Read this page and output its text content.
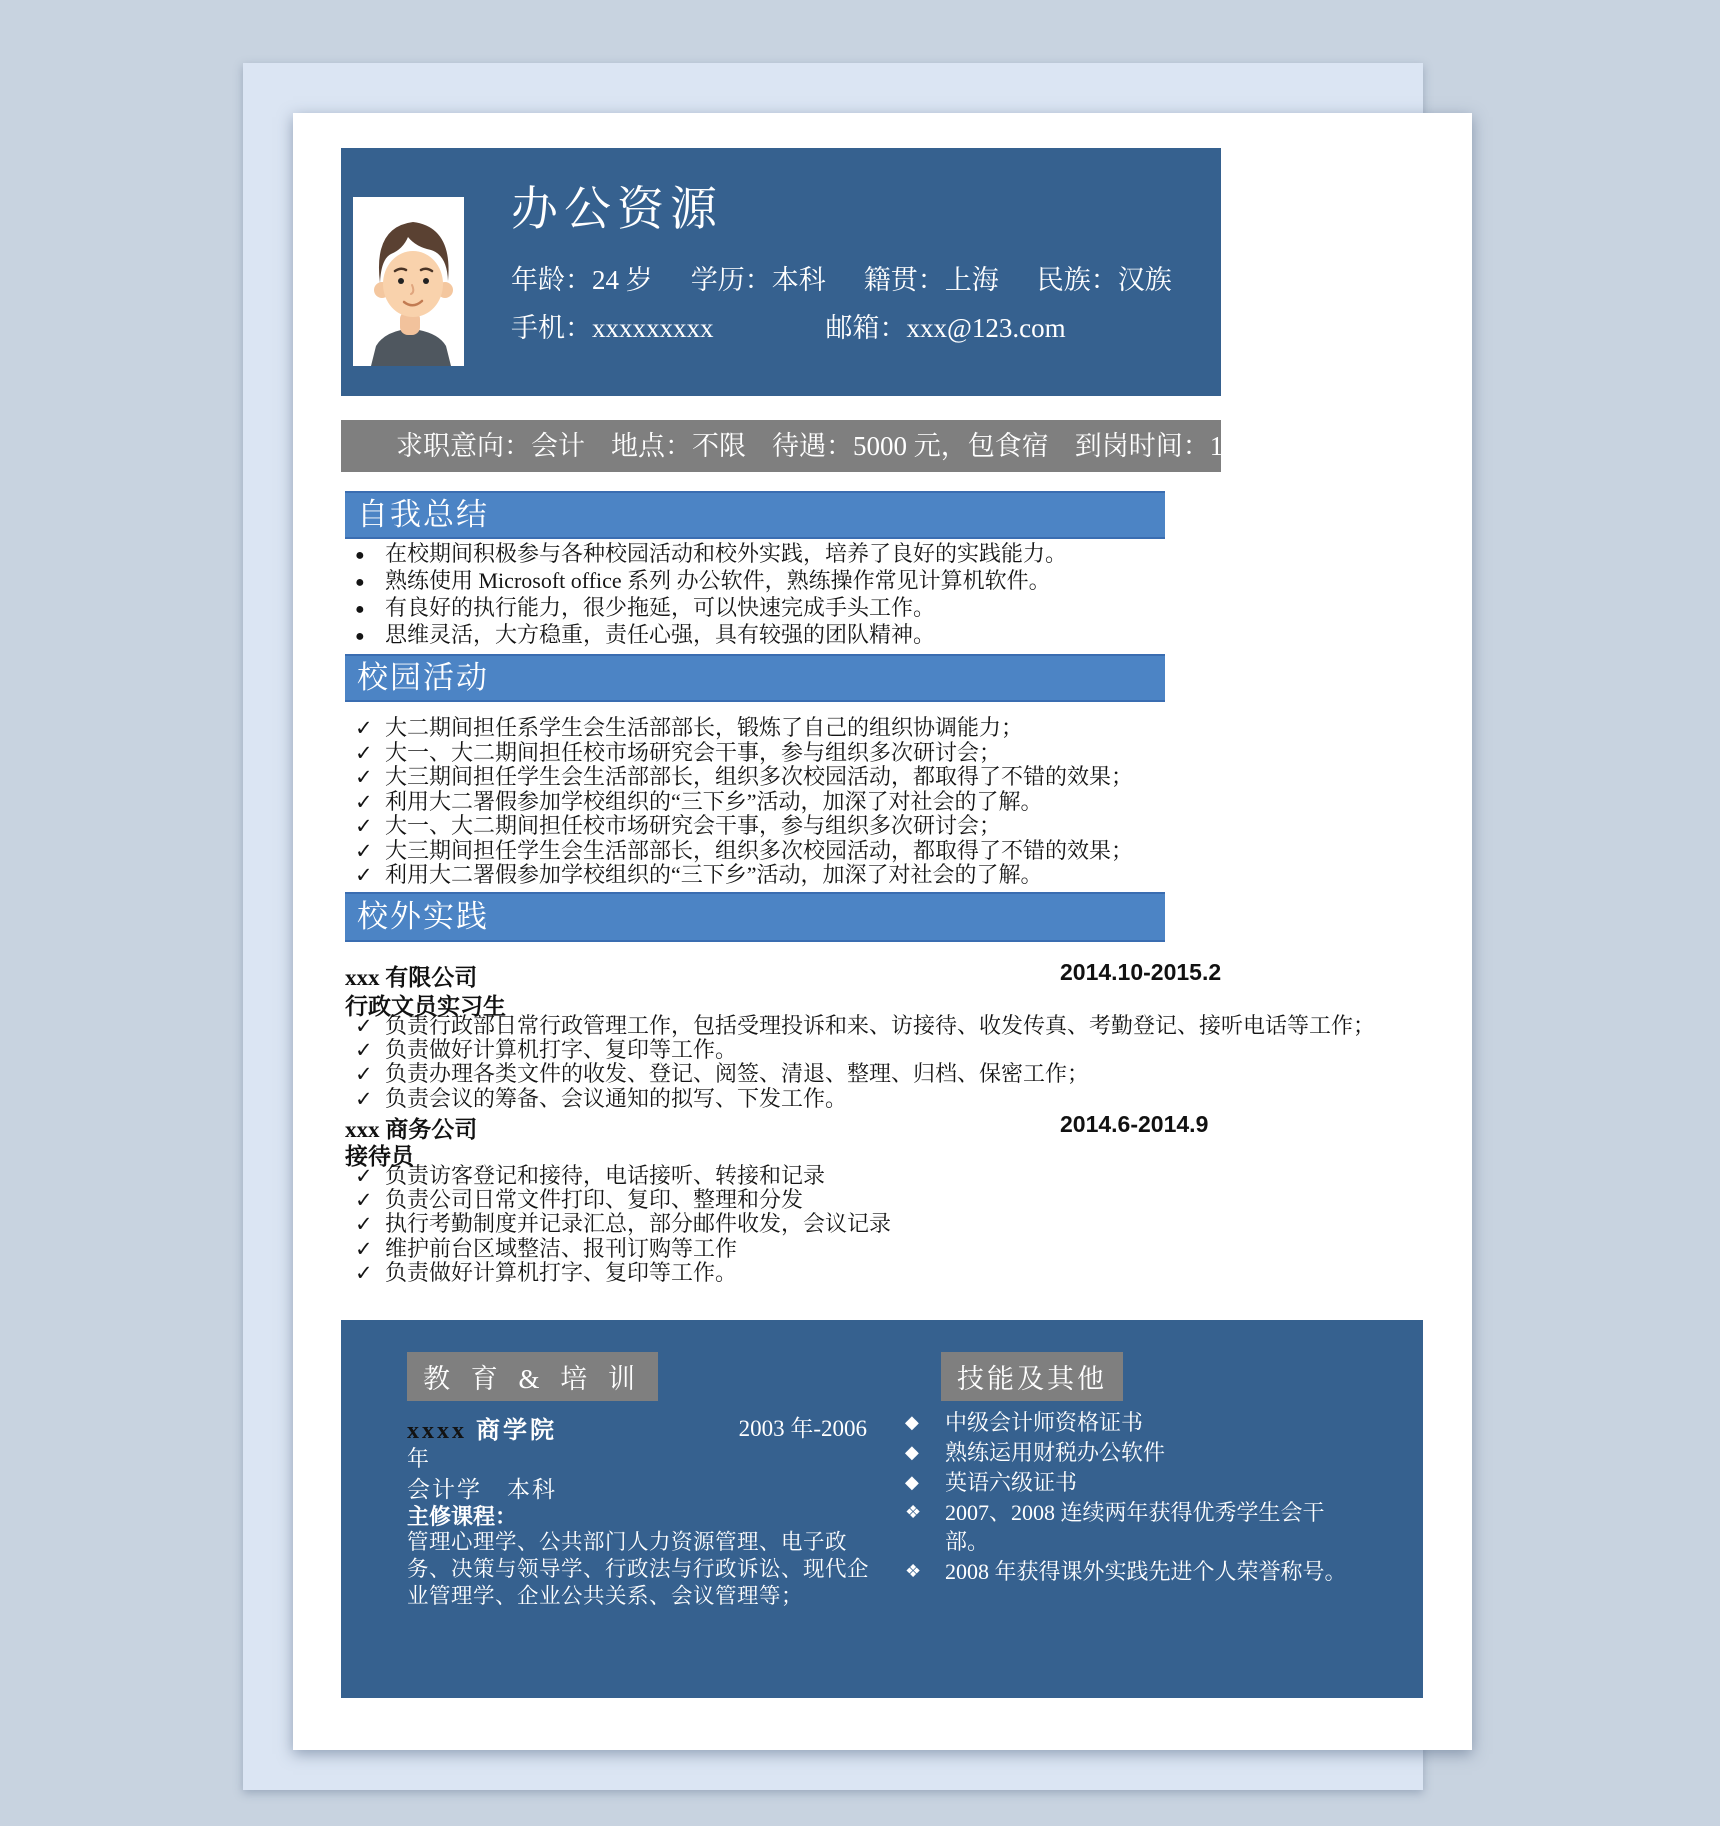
办公资源
年龄：24 岁 学历：本科 籍贯：上海 民族：汉族
手机：xxxxxxxxx	邮箱：xxx@123.com
求职意向：会计 地点：不限 待遇：5000 元，包食宿 到岗时间：1 周内
自我总结
● 在校期间积极参与各种校园活动和校外实践，培养了良好的实践能力。
● 熟练使用 Microsoft office 系列 办公软件，熟练操作常见计算机软件。
● 有良好的执行能力，很少拖延，可以快速完成手头工作。
● 思维灵活，大方稳重，责任心强，具有较强的团队精神。
校园活动
✓ 大二期间担任系学生会生活部部长，锻炼了自己的组织协调能力；
✓ 大一、大二期间担任校市场研究会干事，参与组织多次研讨会；
✓ 大三期间担任学生会生活部部长，组织多次校园活动，都取得了不错的效果；
✓ 利用大二署假参加学校组织的“三下乡”活动，加深了对社会的了解。
✓ 大一、大二期间担任校市场研究会干事，参与组织多次研讨会；
✓ 大三期间担任学生会生活部部长，组织多次校园活动，都取得了不错的效果；
✓ 利用大二署假参加学校组织的“三下乡”活动，加深了对社会的了解。
校外实践
xxx 有限公司	2014.10-2015.2
行政文员实习生
✓ 负责行政部日常行政管理工作，包括受理投诉和来、访接待、收发传真、考勤登记、接听电话等工作；
✓ 负责做好计算机打字、复印等工作。
✓ 负责办理各类文件的收发、登记、阅签、清退、整理、归档、保密工作；
✓ 负责会议的筹备、会议通知的拟写、下发工作。
xxx 商务公司	2014.6-2014.9
接待员
✓ 负责访客登记和接待，电话接听、转接和记录
✓ 负责公司日常文件打印、复印、整理和分发
✓ 执行考勤制度并记录汇总，部分邮件收发，会议记录
✓ 维护前台区域整洁、报刊订购等工作
✓ 负责做好计算机打字、复印等工作。
教 育 & 培 训
xxxx 商学院	2003 年-2006
年
会计学　本科
主修课程：
管理心理学、公共部门人力资源管理、电子政务、决策与领导学、行政法与行政诉讼、现代企业管理学、企业公共关系、会议管理等；
技能及其他
◆	中级会计师资格证书
◆	熟练运用财税办公软件
◆	英语六级证书
❖	2007、2008 连续两年获得优秀学生会干部。
❖	2008 年获得课外实践先进个人荣誉称号。
